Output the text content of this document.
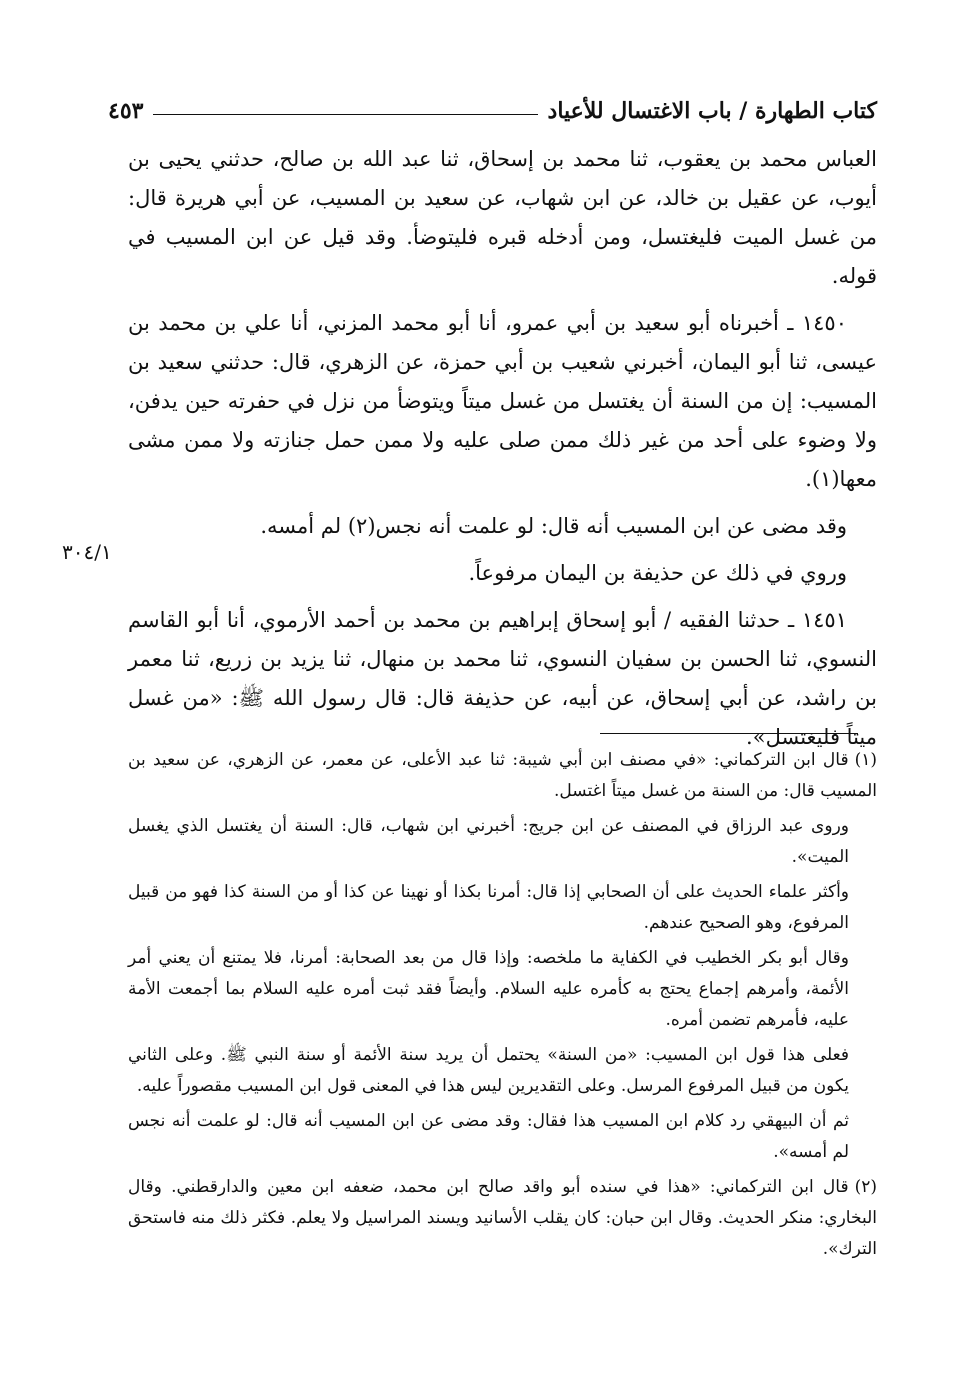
كتاب الطهارة / باب الاغتسال للأعياد
٤٥٣

العباس محمد بن يعقوب، ثنا محمد بن إسحاق، ثنا عبد الله بن صالح، حدثني يحيى بن أيوب، عن عقيل بن خالد، عن ابن شهاب، عن سعيد بن المسيب، عن أبي هريرة قال: من غسل الميت فليغتسل، ومن أدخله قبره فليتوضأ. وقد قيل عن ابن المسيب في قوله.

١٤٥٠ ـ أخبرناه أبو سعيد بن أبي عمرو، أنا أبو محمد المزني، أنا علي بن محمد بن عيسى، ثنا أبو اليمان، أخبرني شعيب بن أبي حمزة، عن الزهري، قال: حدثني سعيد بن المسيب: إن من السنة أن يغتسل من غسل ميتاً ويتوضأ من نزل في حفرته حين يدفن، ولا وضوء على أحد من غير ذلك ممن صلى عليه ولا ممن حمل جنازته ولا ممن مشى معها(١).

وقد مضى عن ابن المسيب أنه قال: لو علمت أنه نجس(٢) لم أمسه.

وروي في ذلك عن حذيفة بن اليمان مرفوعاً.

١٤٥١ ـ حدثنا الفقيه / أبو إسحاق إبراهيم بن محمد بن أحمد الأرموي، أنا أبو القاسم النسوي، ثنا الحسن بن سفيان النسوي، ثنا محمد بن منهال، ثنا يزيد بن زريع، ثنا معمر بن راشد، عن أبي إسحاق، عن أبيه، عن حذيفة قال: قال رسول الله ﷺ: «من غسل ميتاً فليغتسل».

٣٠٤/١

(١)قال ابن التركماني: «في مصنف ابن أبي شيبة: ثنا عبد الأعلى، عن معمر، عن الزهري، عن سعيد بن المسيب قال: من السنة من غسل ميتاً اغتسل.

وروى عبد الرزاق في المصنف عن ابن جريج: أخبرني ابن شهاب، قال: السنة أن يغتسل الذي يغسل الميت».

وأكثر علماء الحديث على أن الصحابي إذا قال: أمرنا بكذا أو نهينا عن كذا أو من السنة كذا فهو من قبيل المرفوع، وهو الصحيح عندهم.

وقال أبو بكر الخطيب في الكفاية ما ملخصه: وإذا قال من بعد الصحابة: أمرنا، فلا يمتنع أن يعني أمر الأئمة، وأمرهم إجماع يحتج به كأمره عليه السلام. وأيضاً فقد ثبت أمره عليه السلام بما أجمعت الأمة عليه، فأمرهم تضمن أمره.

فعلى هذا قول ابن المسيب: «من السنة» يحتمل أن يريد سنة الأئمة أو سنة النبي ﷺ. وعلى الثاني يكون من قبيل المرفوع المرسل. وعلى التقديرين ليس هذا في المعنى قول ابن المسيب مقصوراً عليه.

ثم أن البيهقي رد كلام ابن المسيب هذا فقال: وقد مضى عن ابن المسيب أنه قال: لو علمت أنه نجس لم أمسه».

(٢)قال ابن التركماني: «هذا في سنده أبو واقد صالح ابن محمد، ضعفه ابن معين والدارقطني. وقال البخاري: منكر الحديث. وقال ابن حبان: كان يقلب الأسانيد ويسند المراسيل ولا يعلم. فكثر ذلك منه فاستحق الترك».
